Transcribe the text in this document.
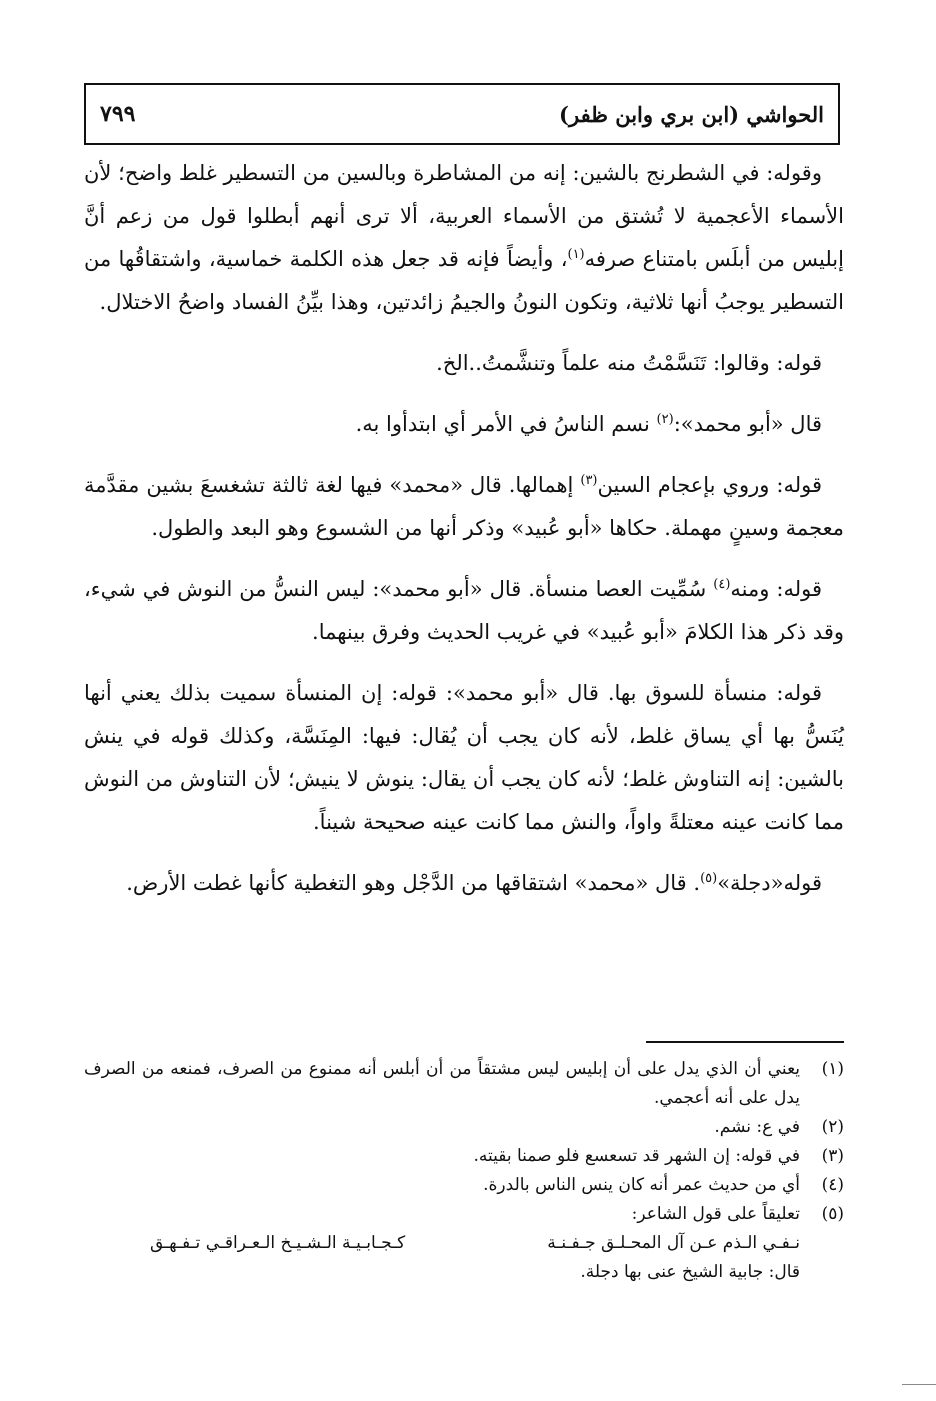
الحواشي (ابن بري وابن ظفر)
٧٩٩

وقوله: في الشطرنج بالشين: إنه من المشاطرة وبالسين من التسطير غلط واضح؛ لأن الأسماء الأعجمية لا تُشتق من الأسماء العربية، ألا ترى أنهم أبطلوا قول من زعم أنَّ إبليس من أبلَس بامتناع صرفه$^{(١)}$، وأيضاً فإنه قد جعل هذه الكلمة خماسية، واشتقاقُها من التسطير يوجبُ أنها ثلاثية، وتكون النونُ والجيمُ زائدتين، وهذا بيِّنُ الفساد واضحُ الاختلال.

قوله: وقالوا: تَنَسَّمْتُ منه علماً وتنشَّمتُ..الخ.

قال «أبو محمد»:$^{(٢)}$ نسم الناسُ في الأمر أي ابتدأوا به.

قوله: وروي بإعجام السين$^{(٣)}$ إهمالها. قال «محمد» فيها لغة ثالثة تشغسعَ بشين مقدَّمة معجمة وسينٍ مهملة. حكاها «أبو عُبيد» وذكر أنها من الشسوع وهو البعد والطول.

قوله: ومنه$^{(٤)}$ سُمِّيت العصا منسأة. قال «أبو محمد»: ليس النسُّ من النوش في شيء، وقد ذكر هذا الكلامَ «أبو عُبيد» في غريب الحديث وفرق بينهما.

قوله: منسأة للسوق بها. قال «أبو محمد»: قوله: إن المنسأة سميت بذلك يعني أنها يُنَسُّ بها أي يساق غلط، لأنه كان يجب أن يُقال: فيها: المِنَسَّة، وكذلك قوله في ينش بالشين: إنه التناوش غلط؛ لأنه كان يجب أن يقال: ينوش لا ينيش؛ لأن التناوش من النوش مما كانت عينه معتلةً واواً، والنش مما كانت عينه صحيحة شيناً.

قوله«دجلة»$^{(٥)}$. قال «محمد» اشتقاقها من الدَّجْل وهو التغطية كأنها غطت الأرض.

(١)
يعني أن الذي يدل على أن إبليس ليس مشتقاً من أن أبلس أنه ممنوع من الصرف، فمنعه من الصرف يدل على أنه أعجمي.
(٢)
في ع: نشم.
(٣)
في قوله: إن الشهر قد تسعسع فلو صمنا بقيته.
(٤)
أي من حديث عمر أنه كان ينس الناس بالدرة.
(٥)
تعليقاً على قول الشاعر:
نـفـي الـذم عـن آل المحـلـق جـفـنـة
كـجـابـيـة الـشـيـخ الـعـراقـي تـفـهـق
قال: جابية الشيخ عنى بها دجلة.
